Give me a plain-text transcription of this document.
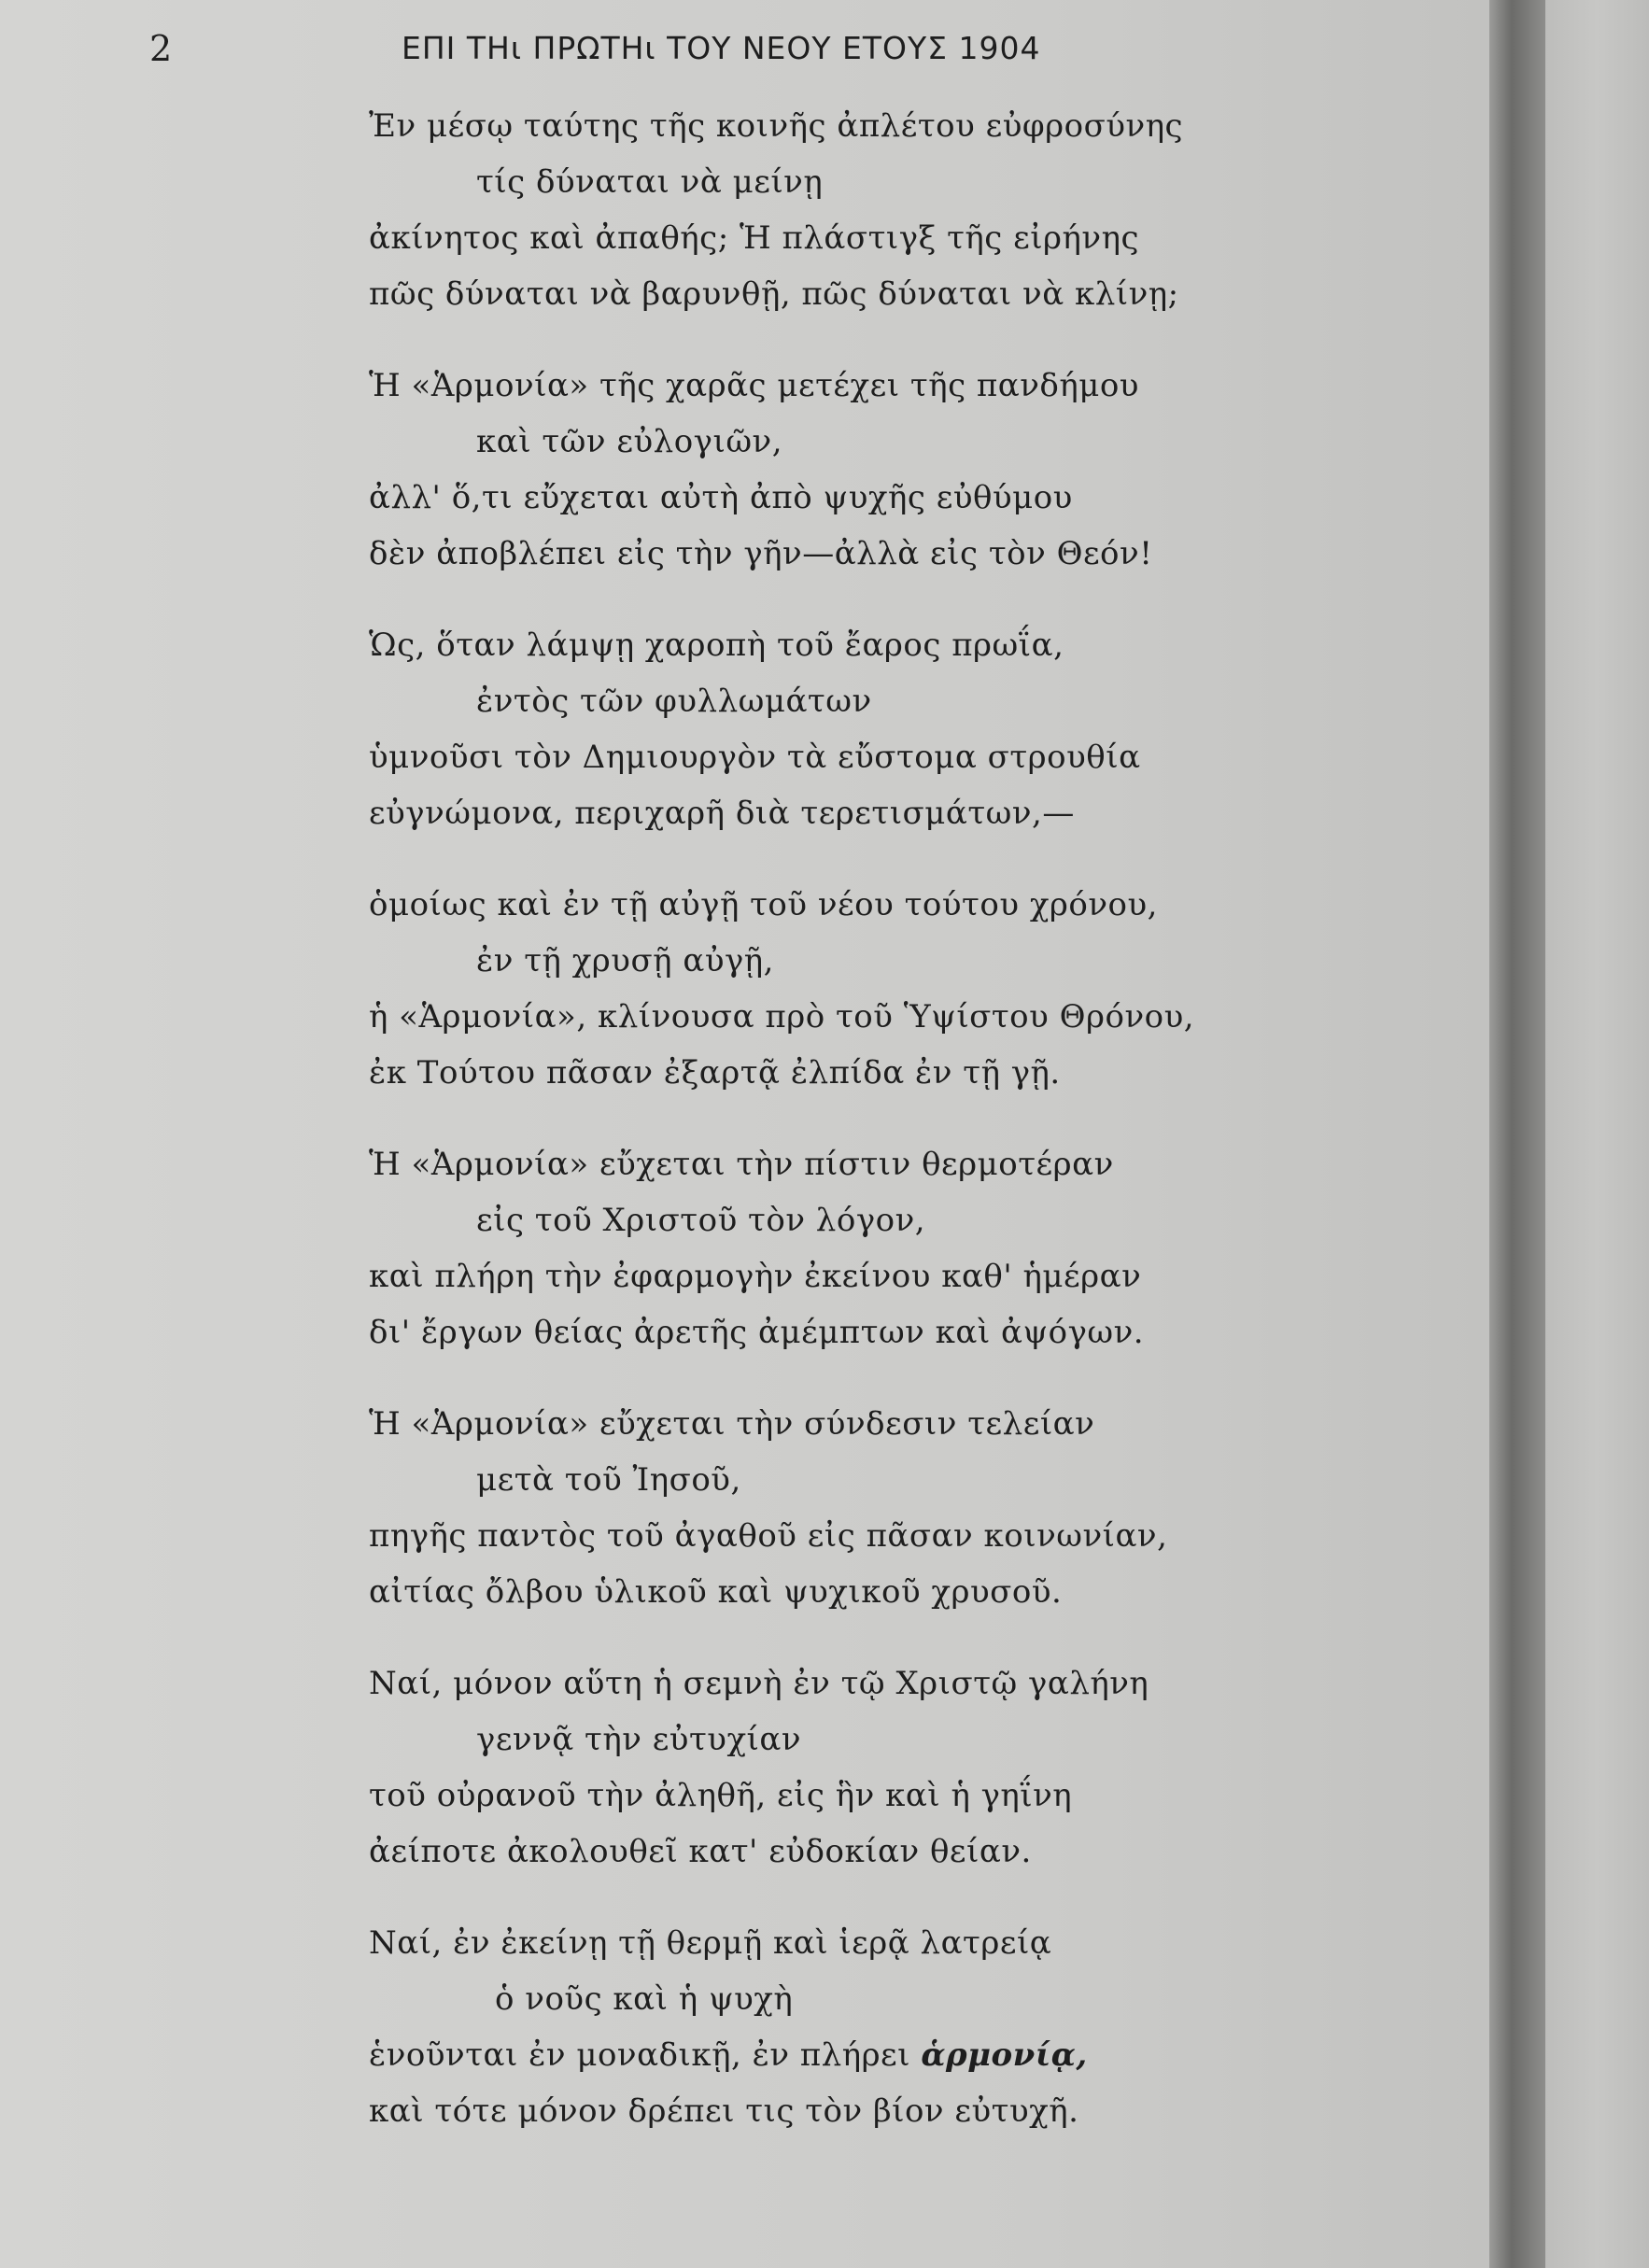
2	ΕΠΙ ΤΗι ΠΡΩΤΗι ΤΟΥ ΝΕΟΥ ΕΤΟΥΣ 1904
Ἐν μέσῳ ταύτης τῆς κοινῆς ἀπλέτου εὐφροσύνης
τίς δύναται νὰ μείνῃ
ἀκίνητος καὶ ἀπαθής; Ἡ πλάστιγξ τῆς εἰρήνης
πῶς δύναται νὰ βαρυνθῇ, πῶς δύναται νὰ κλίνῃ;
Ἡ «Ἁρμονία» τῆς χαρᾶς μετέχει τῆς πανδήμου
καὶ τῶν εὐλογιῶν,
ἀλλ' ὅ,τι εὔχεται αὐτὴ ἀπὸ ψυχῆς εὐθύμου
δὲν ἀποβλέπει εἰς τὴν γῆν—ἀλλὰ εἰς τὸν Θεόν!
Ὡς, ὅταν λάμψῃ χαροπὴ τοῦ ἔαρος πρωΐα,
ἐντὸς τῶν φυλλωμάτων
ὑμνοῦσι τὸν Δημιουργὸν τὰ εὔστομα στρουθία
εὐγνώμονα, περιχαρῆ διὰ τερετισμάτων,—
ὁμοίως καὶ ἐν τῇ αὐγῇ τοῦ νέου τούτου χρόνου,
ἐν τῇ χρυσῇ αὐγῇ,
ἡ «Ἁρμονία», κλίνουσα πρὸ τοῦ Ὑψίστου Θρόνου,
ἐκ Τούτου πᾶσαν ἐξαρτᾷ ἐλπίδα ἐν τῇ γῇ.
Ἡ «Ἁρμονία» εὔχεται τὴν πίστιν θερμοτέραν
εἰς τοῦ Χριστοῦ τὸν λόγον,
καὶ πλήρη τὴν ἐφαρμογὴν ἐκείνου καθ' ἡμέραν
δι' ἔργων θείας ἀρετῆς ἀμέμπτων καὶ ἀψόγων.
Ἡ «Ἁρμονία» εὔχεται τὴν σύνδεσιν τελείαν
μετὰ τοῦ Ἰησοῦ,
πηγῆς παντὸς τοῦ ἀγαθοῦ εἰς πᾶσαν κοινωνίαν,
αἰτίας ὄλβου ὑλικοῦ καὶ ψυχικοῦ χρυσοῦ.
Ναί, μόνον αὕτη ἡ σεμνὴ ἐν τῷ Χριστῷ γαλήνη
γεννᾷ τὴν εὐτυχίαν
τοῦ οὐρανοῦ τὴν ἀληθῆ, εἰς ἣν καὶ ἡ γηΐνη
ἀείποτε ἀκολουθεῖ κατ' εὐδοκίαν θείαν.
Ναί, ἐν ἐκείνῃ τῇ θερμῇ καὶ ἱερᾷ λατρείᾳ
ὁ νοῦς καὶ ἡ ψυχὴ
ἑνοῦνται ἐν μοναδικῇ, ἐν πλήρει ἁρμονίᾳ,
καὶ τότε μόνον δρέπει τις τὸν βίον εὐτυχῆ.
